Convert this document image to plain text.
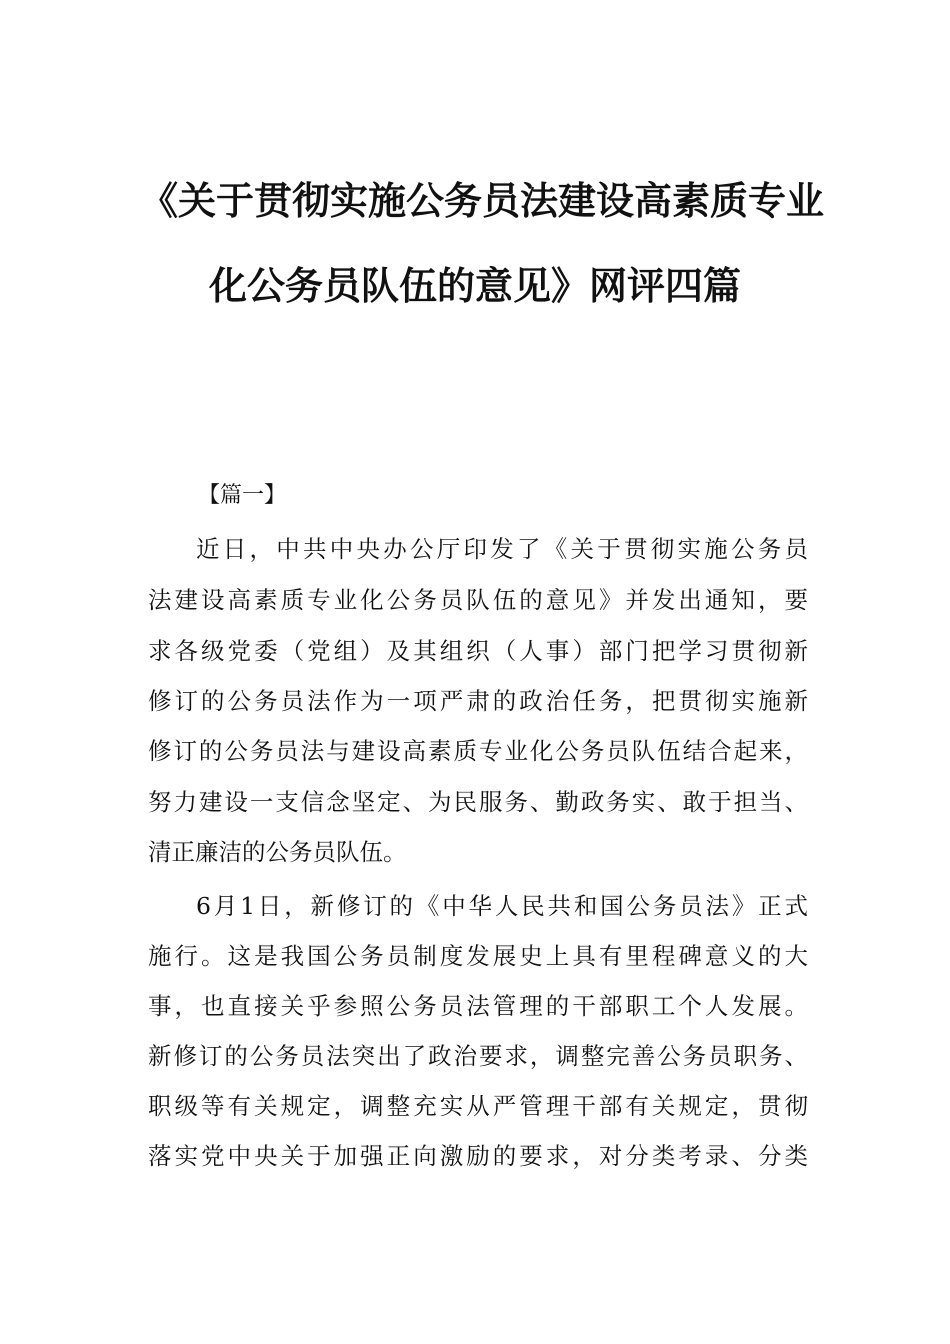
《关于贯彻实施公务员法建设高素质专业
化公务员队伍的意见》网评四篇
【篇一】
近日，中共中央办公厅印发了《关于贯彻实施公务员
法建设高素质专业化公务员队伍的意见》并发出通知，要
求各级党委（党组）及其组织（人事）部门把学习贯彻新
修订的公务员法作为一项严肃的政治任务，把贯彻实施新
修订的公务员法与建设高素质专业化公务员队伍结合起来，
努力建设一支信念坚定、为民服务、勤政务实、敢于担当、
清正廉洁的公务员队伍。
6月1日，新修订的《中华人民共和国公务员法》正式
施行。这是我国公务员制度发展史上具有里程碑意义的大
事，也直接关乎参照公务员法管理的干部职工个人发展。
新修订的公务员法突出了政治要求，调整完善公务员职务、
职级等有关规定，调整充实从严管理干部有关规定，贯彻
落实党中央关于加强正向激励的要求，对分类考录、分类
